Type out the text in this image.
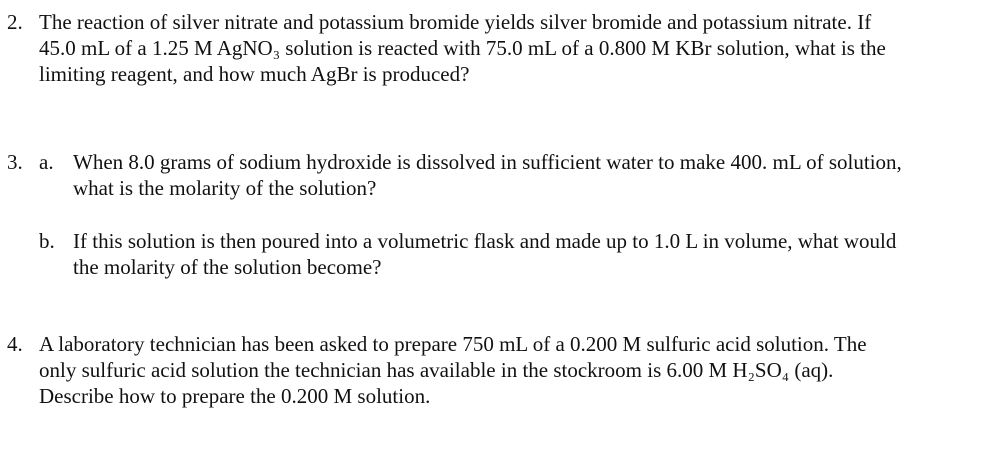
2. The reaction of silver nitrate and potassium bromide yields silver bromide and potassium nitrate. If
45.0 mL of a 1.25 M AgNO₃ solution is reacted with 75.0 mL of a 0.800 M KBr solution, what is the
limiting reagent, and how much AgBr is produced?
3. a. When 8.0 grams of sodium hydroxide is dissolved in sufficient water to make 400. mL of solution,
what is the molarity of the solution?
b. If this solution is then poured into a volumetric flask and made up to 1.0 L in volume, what would
the molarity of the solution become?
4. A laboratory technician has been asked to prepare 750 mL of a 0.200 M sulfuric acid solution. The
only sulfuric acid solution the technician has available in the stockroom is 6.00 M H₂SO₄ (aq).
Describe how to prepare the 0.200 M solution.
